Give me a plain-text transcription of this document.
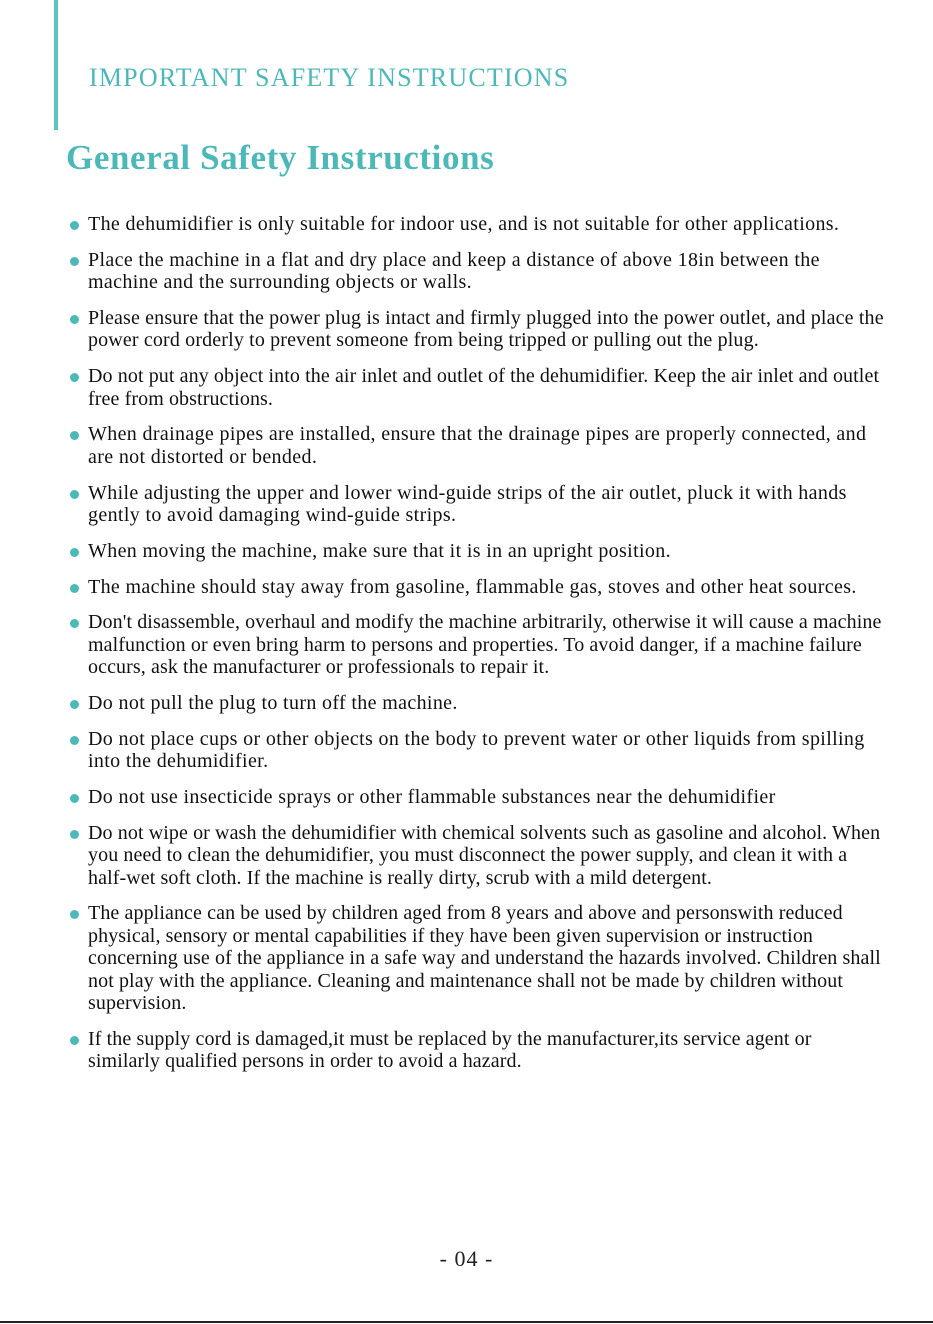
IMPORTANT SAFETY INSTRUCTIONS
General Safety Instructions
The dehumidifier is only suitable for indoor use, and is not suitable for other applications.
Place the machine in a flat and dry place and keep a distance of above 18in between the machine and the surrounding objects or walls.
Please ensure that the power plug is intact and firmly plugged into the power outlet, and place the power cord orderly to prevent someone from being tripped or pulling out the plug.
Do not put any object into the air inlet and outlet of the dehumidifier. Keep the air inlet and outlet free from obstructions.
When drainage pipes are installed, ensure that the drainage pipes are properly connected, and are not distorted or bended.
While adjusting the upper and lower wind-guide strips of the air outlet, pluck it with hands gently to avoid damaging wind-guide strips.
When moving the machine, make sure that it is in an upright position.
The machine should stay away from gasoline, flammable gas, stoves and other heat sources.
Don't disassemble, overhaul and modify the machine arbitrarily, otherwise it will cause a machine malfunction or even bring harm to persons and properties. To avoid danger, if a machine failure occurs, ask the manufacturer or professionals to repair it.
Do not pull the plug to turn off the machine.
Do not place cups or other objects on the body to prevent water or other liquids from spilling into the dehumidifier.
Do not use insecticide sprays or other flammable substances near the dehumidifier
Do not wipe or wash the dehumidifier with chemical solvents such as gasoline and alcohol. When you need to clean the dehumidifier, you must disconnect the power supply, and clean it with a half-wet soft cloth. If the machine is really dirty, scrub with a mild detergent.
The appliance can be used by children aged from 8 years and above and personswith reduced physical, sensory or mental capabilities if they have been given supervision or instruction concerning use of the appliance in a safe way and understand the hazards involved. Children shall not play with the appliance. Cleaning and maintenance shall not be made by children without supervision.
If the supply cord is damaged,it must be replaced by the manufacturer,its service agent or similarly qualified persons in order to avoid a hazard.
- 04 -
